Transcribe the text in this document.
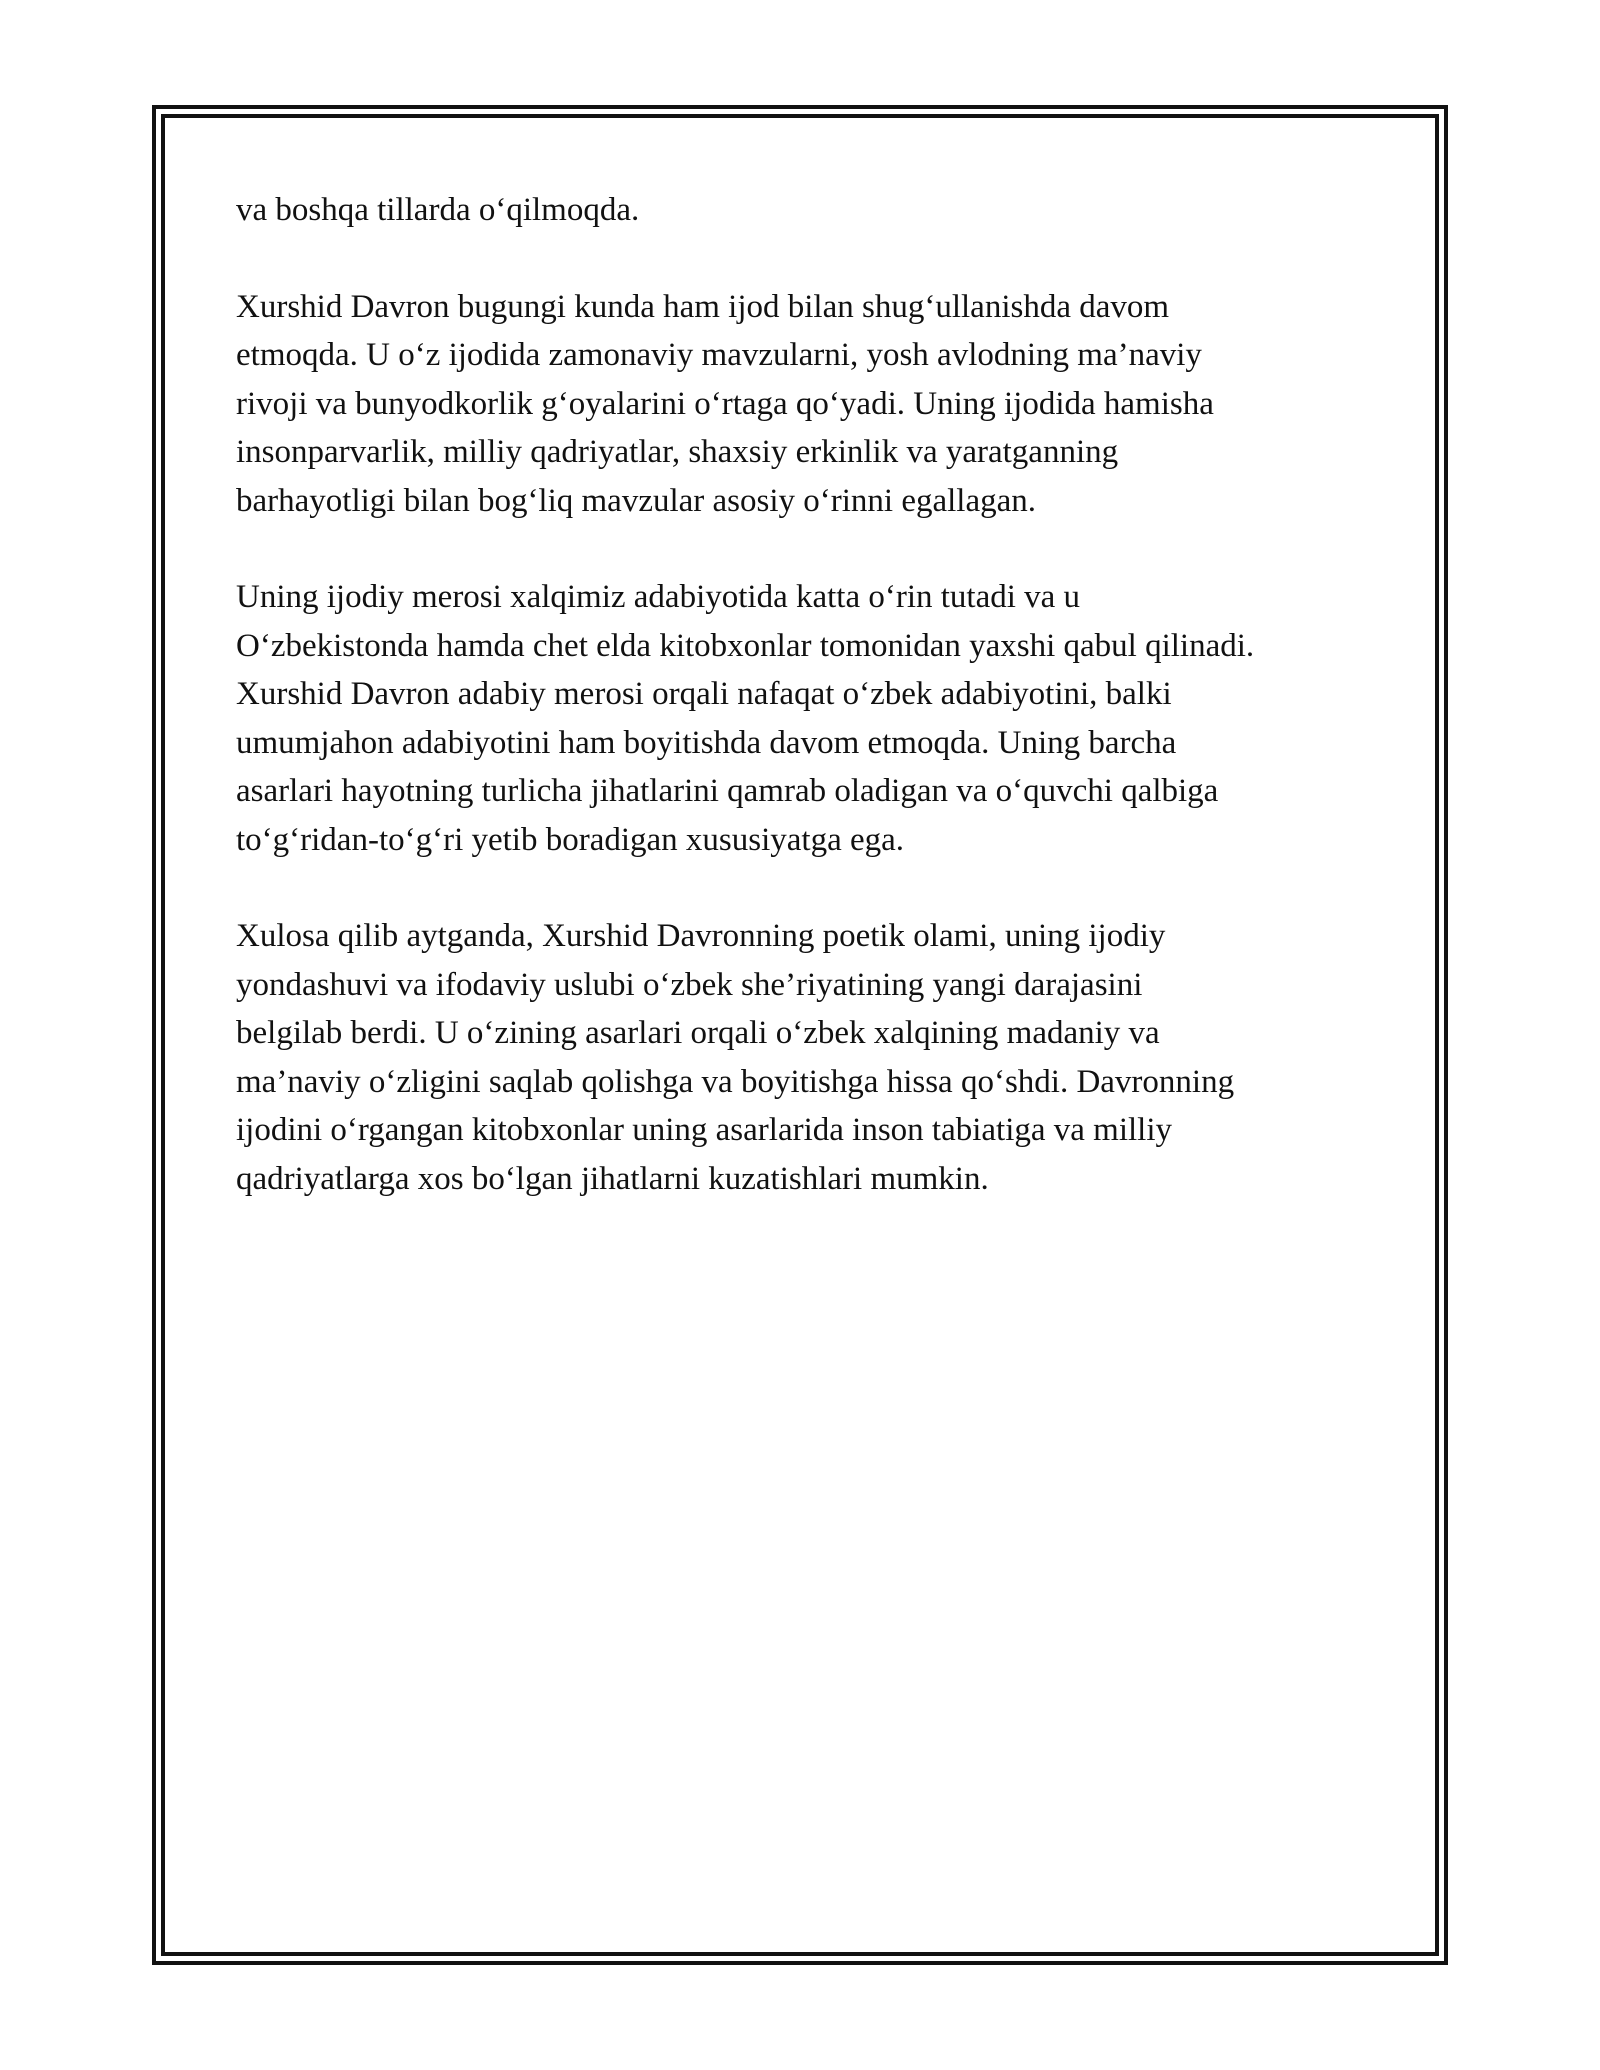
va boshqa tillarda o‘qilmoqda.

Xurshid Davron bugungi kunda ham ijod bilan shug‘ullanishda davom
etmoqda. U o‘z ijodida zamonaviy mavzularni, yosh avlodning ma’naviy
rivoji va bunyodkorlik g‘oyalarini o‘rtaga qo‘yadi. Uning ijodida hamisha
insonparvarlik, milliy qadriyatlar, shaxsiy erkinlik va yaratganning
barhayotligi bilan bog‘liq mavzular asosiy o‘rinni egallagan.

Uning ijodiy merosi xalqimiz adabiyotida katta o‘rin tutadi va u
O‘zbekistonda hamda chet elda kitobxonlar tomonidan yaxshi qabul qilinadi.
Xurshid Davron adabiy merosi orqali nafaqat o‘zbek adabiyotini, balki
umumjahon adabiyotini ham boyitishda davom etmoqda. Uning barcha
asarlari hayotning turlicha jihatlarini qamrab oladigan va o‘quvchi qalbiga
to‘g‘ridan-to‘g‘ri yetib boradigan xususiyatga ega.

Xulosa qilib aytganda, Xurshid Davronning poetik olami, uning ijodiy
yondashuvi va ifodaviy uslubi o‘zbek she’riyatining yangi darajasini
belgilab berdi. U o‘zining asarlari orqali o‘zbek xalqining madaniy va
ma’naviy o‘zligini saqlab qolishga va boyitishga hissa qo‘shdi. Davronning
ijodini o‘rgangan kitobxonlar uning asarlarida inson tabiatiga va milliy
qadriyatlarga xos bo‘lgan jihatlarni kuzatishlari mumkin.
